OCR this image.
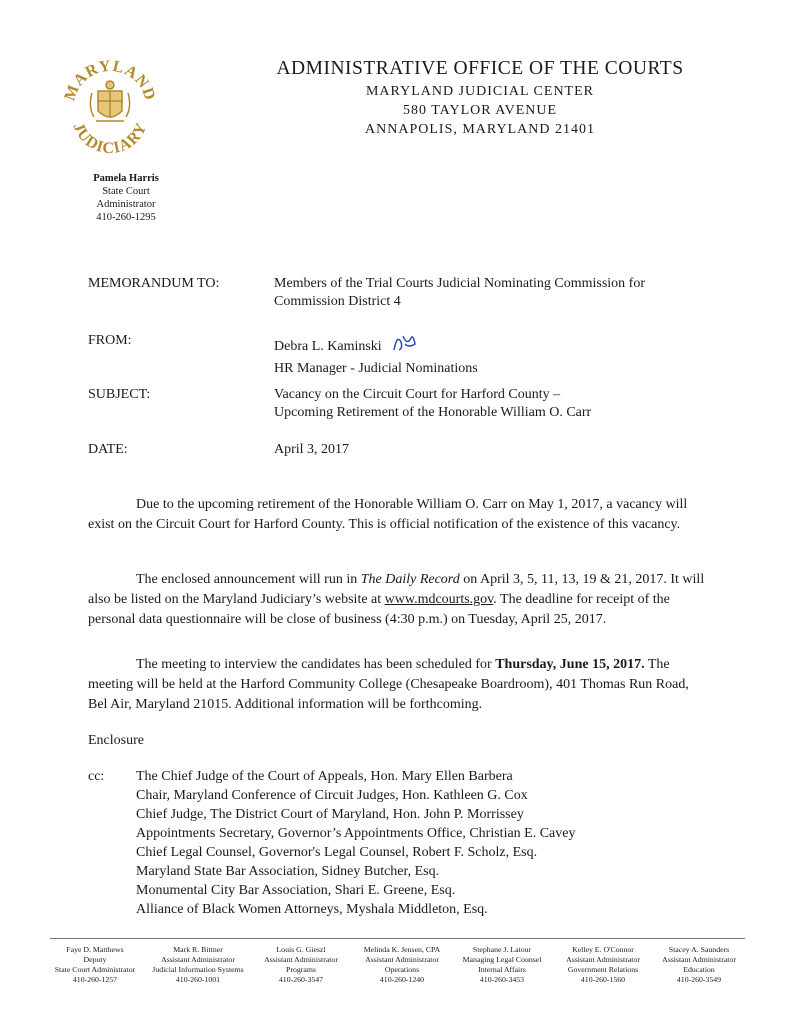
MARYLAND
JUDICIARY
Pamela Harris
State Court Administrator
410-260-1295
ADMINISTRATIVE OFFICE OF THE COURTS
MARYLAND JUDICIAL CENTER
580 TAYLOR AVENUE
ANNAPOLIS, MARYLAND 21401
MEMORANDUM TO:	Members of the Trial Courts Judicial Nominating Commission for Commission District 4
FROM:	Debra L. Kaminski
HR Manager - Judicial Nominations
SUBJECT:	Vacancy on the Circuit Court for Harford County –
Upcoming Retirement of the Honorable William O. Carr
DATE:	April 3, 2017
Due to the upcoming retirement of the Honorable William O. Carr on May 1, 2017, a vacancy will exist on the Circuit Court for Harford County. This is official notification of the existence of this vacancy.
The enclosed announcement will run in The Daily Record on April 3, 5, 11, 13, 19 & 21, 2017. It will also be listed on the Maryland Judiciary’s website at www.mdcourts.gov. The deadline for receipt of the personal data questionnaire will be close of business (4:30 p.m.) on Tuesday, April 25, 2017.
The meeting to interview the candidates has been scheduled for Thursday, June 15, 2017. The meeting will be held at the Harford Community College (Chesapeake Boardroom), 401 Thomas Run Road, Bel Air, Maryland 21015. Additional information will be forthcoming.
Enclosure
cc: The Chief Judge of the Court of Appeals, Hon. Mary Ellen Barbera
Chair, Maryland Conference of Circuit Judges, Hon. Kathleen G. Cox
Chief Judge, The District Court of Maryland, Hon. John P. Morrissey
Appointments Secretary, Governor’s Appointments Office, Christian E. Cavey
Chief Legal Counsel, Governor's Legal Counsel, Robert F. Scholz, Esq.
Maryland State Bar Association, Sidney Butcher, Esq.
Monumental City Bar Association, Shari E. Greene, Esq.
Alliance of Black Women Attorneys, Myshala Middleton, Esq.
Faye D. Matthews
Deputy
State Court Administrator
410-260-1257
Mark R. Bittner
Assistant Administrator
Judicial Information Systems
410-260-1001
Louis G. Gieszl
Assistant Administrator
Programs
410-260-3547
Melinda K. Jensen, CPA
Assistant Administrator
Operations
410-260-1240
Stephane J. Latour
Managing Legal Counsel
Internal Affairs
410-260-3453
Kelley E. O'Connor
Assistant Administrator
Government Relations
410-260-1560
Stacey A. Saunders
Assistant Administrator
Education
410-260-3549
